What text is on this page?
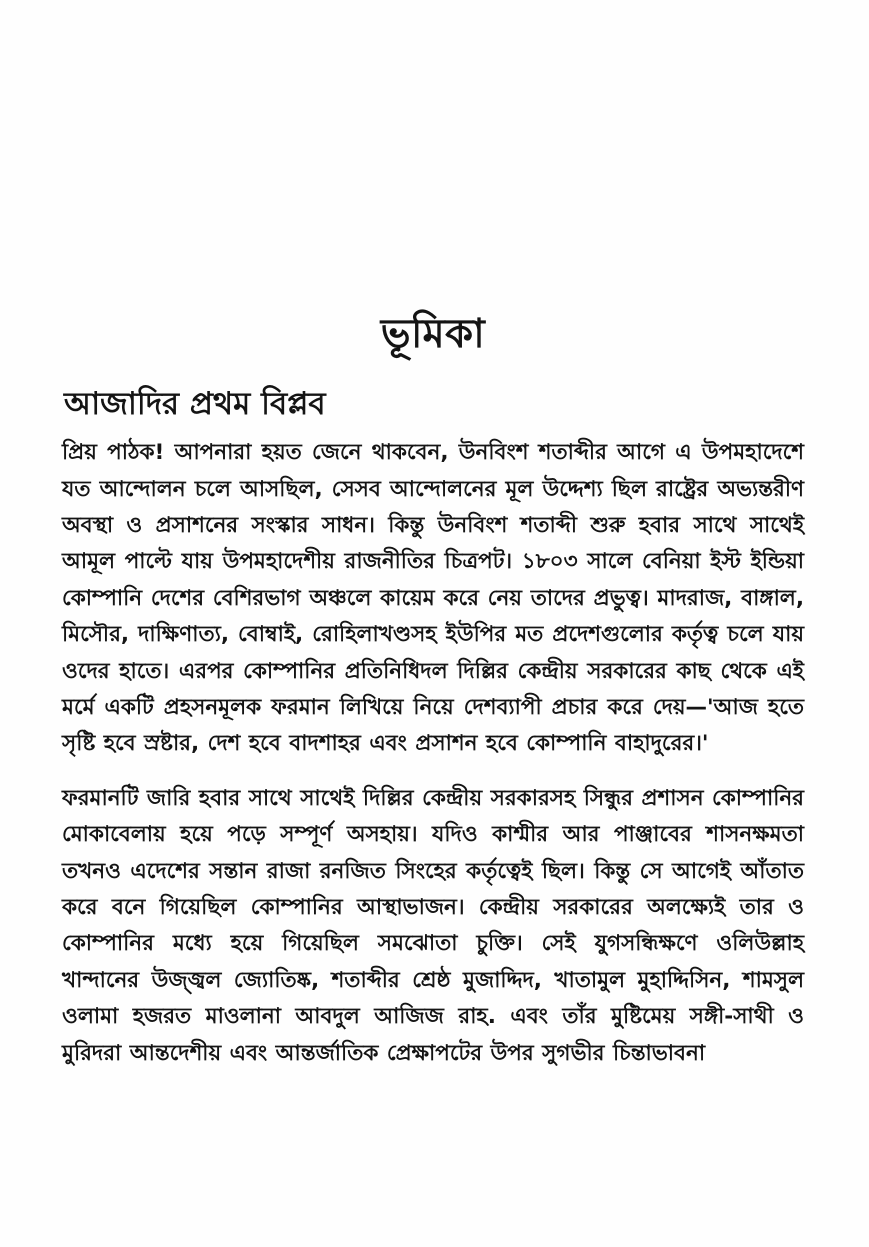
ভূমিকা
আজাদির প্রথম বিপ্লব

প্রিয় পাঠক! আপনারা হয়ত জেনে থাকবেন, উনবিংশ শতাব্দীর আগে এ উপমহাদেশে যত আন্দোলন চলে আসছিল, সেসব আন্দোলনের মূল উদ্দেশ্য ছিল রাষ্ট্রের অভ্যন্তরীণ অবস্থা ও প্রসাশনের সংস্কার সাধন। কিন্তু উনবিংশ শতাব্দী শুরু হবার সাথে সাথেই আমূল পাল্টে যায় উপমহাদেশীয় রাজনীতির চিত্রপট। ১৮০৩ সালে বেনিয়া ইস্ট ইন্ডিয়া কোম্পানি দেশের বেশিরভাগ অঞ্চলে কায়েম করে নেয় তাদের প্রভুত্ব। মাদরাজ, বাঙ্গাল, মিসৌর, দাক্ষিণাত্য, বোম্বাই, রোহিলাখণ্ডসহ ইউপির মত প্রদেশগুলোর কর্তৃত্ব চলে যায় ওদের হাতে। এরপর কোম্পানির প্রতিনিধিদল দিল্লির কেন্দ্রীয় সরকারের কাছ থেকে এই মর্মে একটি প্রহসনমূলক ফরমান লিখিয়ে নিয়ে দেশব্যাপী প্রচার করে দেয়—'আজ হতে সৃষ্টি হবে স্রষ্টার, দেশ হবে বাদশাহর এবং প্রসাশন হবে কোম্পানি বাহাদুরের।'

ফরমানটি জারি হবার সাথে সাথেই দিল্লির কেন্দ্রীয় সরকারসহ সিন্ধুর প্রশাসন কোম্পানির মোকাবেলায় হয়ে পড়ে সম্পূর্ণ অসহায়। যদিও কাশ্মীর আর পাঞ্জাবের শাসনক্ষমতা তখনও এদেশের সন্তান রাজা রনজিত সিংহের কর্তৃত্বেই ছিল। কিন্তু সে আগেই আঁতাত করে বনে গিয়েছিল কোম্পানির আস্থাভাজন। কেন্দ্রীয় সরকারের অলক্ষ্যেই তার ও কোম্পানির মধ্যে হয়ে গিয়েছিল সমঝোতা চুক্তি। সেই যুগসন্ধিক্ষণে ওলিউল্লাহ খান্দানের উজ্জ্বল জ্যোতিষ্ক, শতাব্দীর শ্রেষ্ঠ মুজাদ্দিদ, খাতামুল মুহাদ্দিসিন, শামসুল ওলামা হজরত মাওলানা আবদুল আজিজ রাহ. এবং তাঁর মুষ্টিমেয় সঙ্গী-সাথী ও মুরিদরা আন্তদেশীয় এবং আন্তর্জাতিক প্রেক্ষাপটের উপর সুগভীর চিন্তাভাবনা
